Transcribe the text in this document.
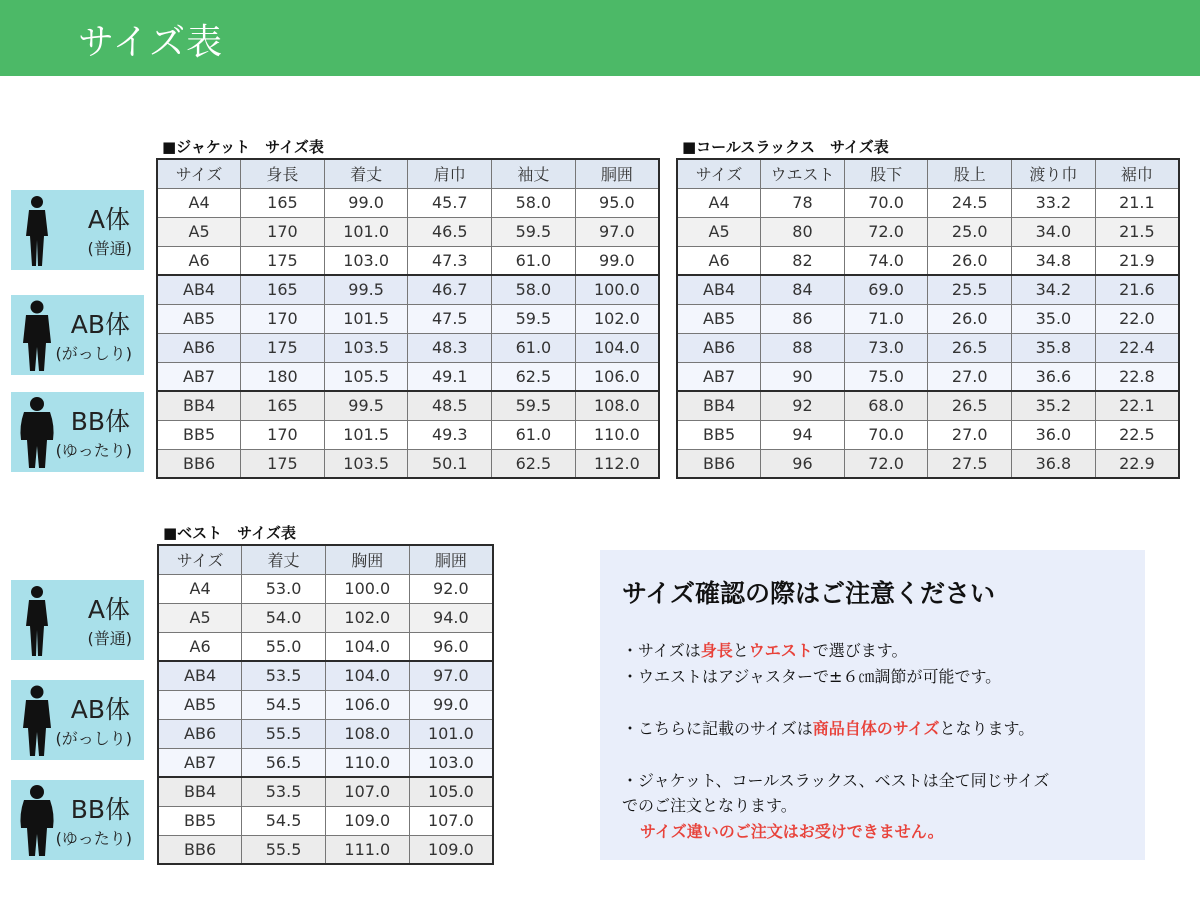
サイズ表
■ジャケット　サイズ表
サイズ	身長	着丈	肩巾	袖丈	胴囲
A4	165	99.0	45.7	58.0	95.0
A5	170	101.0	46.5	59.5	97.0
A6	175	103.0	47.3	61.0	99.0
AB4	165	99.5	46.7	58.0	100.0
AB5	170	101.5	47.5	59.5	102.0
AB6	175	103.5	48.3	61.0	104.0
AB7	180	105.5	49.1	62.5	106.0
BB4	165	99.5	48.5	59.5	108.0
BB5	170	101.5	49.3	61.0	110.0
BB6	175	103.5	50.1	62.5	112.0
■コールスラックス　サイズ表
サイズ	ウエスト	股下	股上	渡り巾	裾巾
A4	78	70.0	24.5	33.2	21.1
A5	80	72.0	25.0	34.0	21.5
A6	82	74.0	26.0	34.8	21.9
AB4	84	69.0	25.5	34.2	21.6
AB5	86	71.0	26.0	35.0	22.0
AB6	88	73.0	26.5	35.8	22.4
AB7	90	75.0	27.0	36.6	22.8
BB4	92	68.0	26.5	35.2	22.1
BB5	94	70.0	27.0	36.0	22.5
BB6	96	72.0	27.5	36.8	22.9
■ベスト　サイズ表
サイズ	着丈	胸囲	胴囲
A4	53.0	100.0	92.0
A5	54.0	102.0	94.0
A6	55.0	104.0	96.0
AB4	53.5	104.0	97.0
AB5	54.5	106.0	99.0
AB6	55.5	108.0	101.0
AB7	56.5	110.0	103.0
BB4	53.5	107.0	105.0
BB5	54.5	109.0	107.0
BB6	55.5	111.0	109.0
A体
(普通)
AB体
(がっしり)
BB体
(ゆったり)
A体
(普通)
AB体
(がっしり)
BB体
(ゆったり)
サイズ確認の際はご注意ください
・サイズは身長とウエストで選びます。
・ウエストはアジャスターで±６㎝調節が可能です。
・こちらに記載のサイズは商品自体のサイズとなります。
・ジャケット、コールスラックス、ベストは全て同じサイズ
でのご注文となります。
サイズ違いのご注文はお受けできません。
